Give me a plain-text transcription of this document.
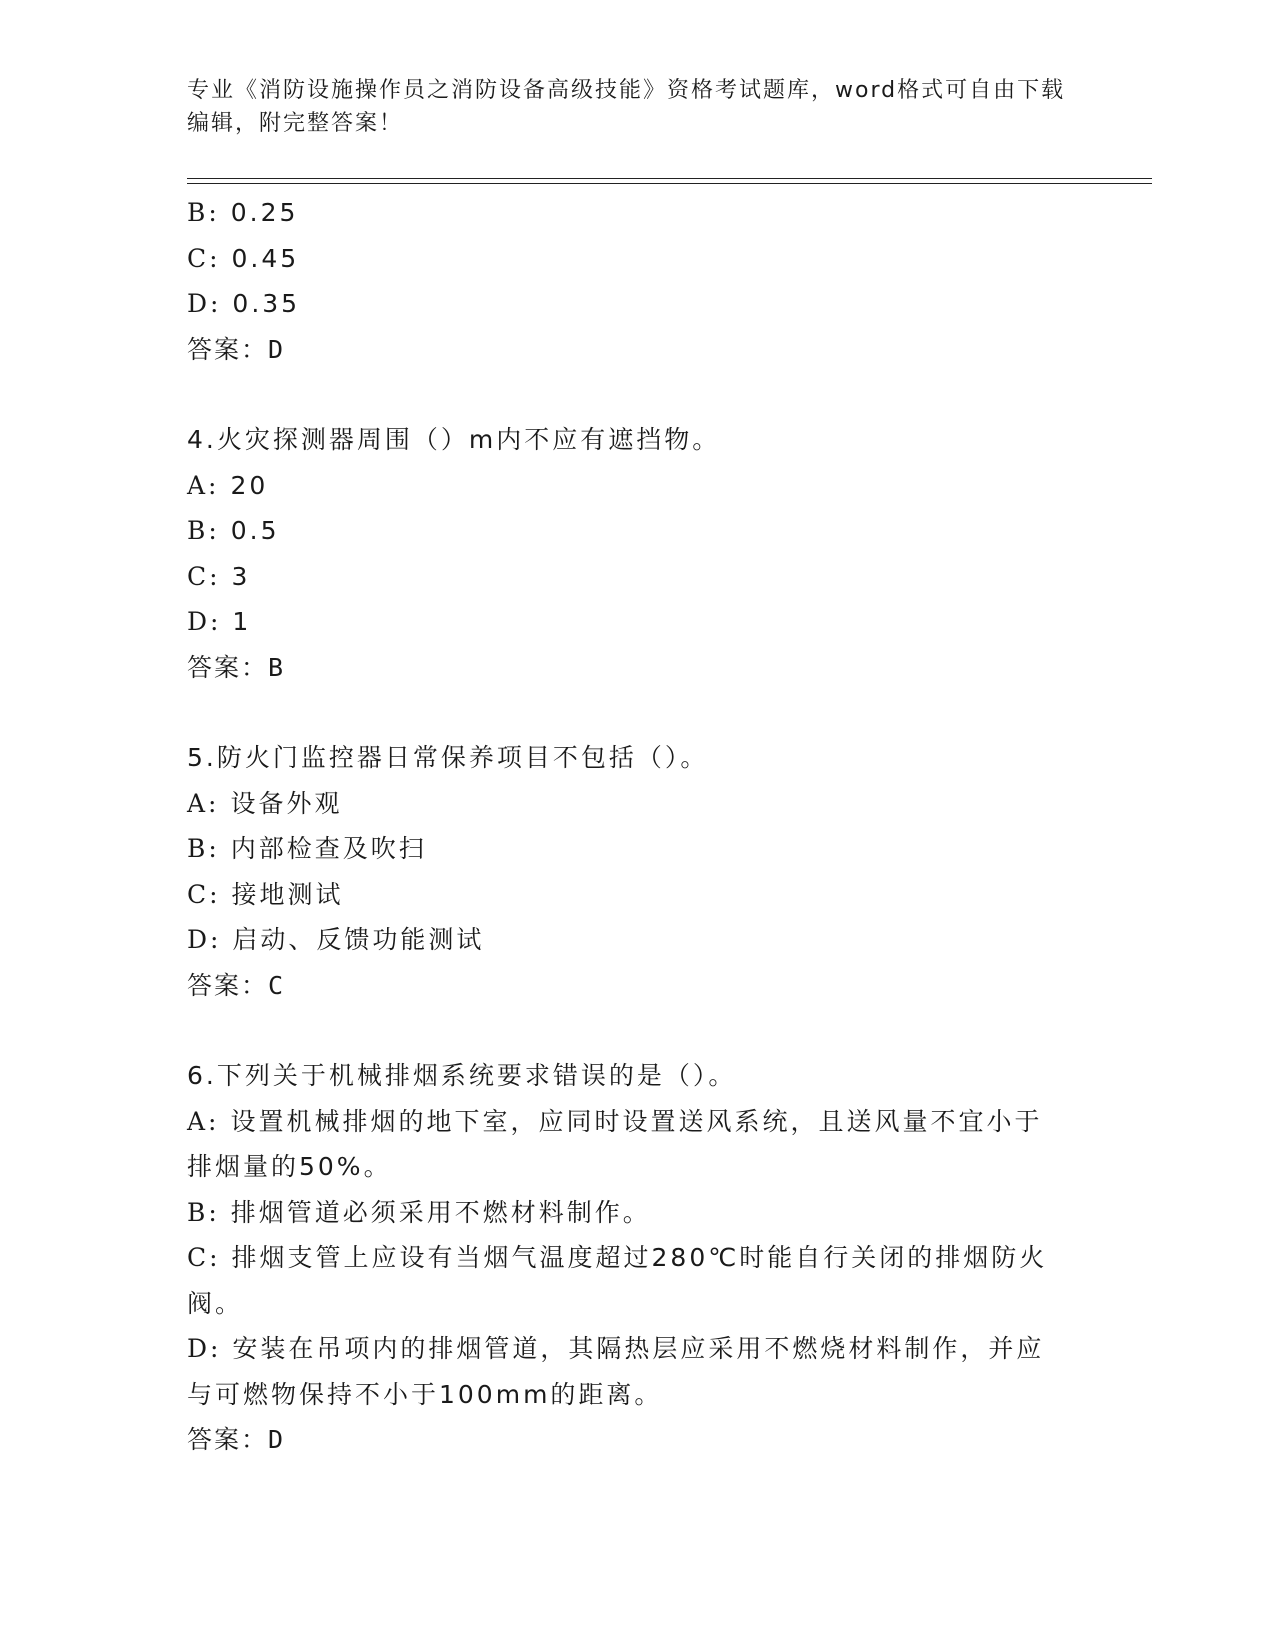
专业《消防设施操作员之消防设备高级技能》资格考试题库，word格式可自由下载编辑，附完整答案！
B: 0.25
C: 0.45
D: 0.35
答案：D
4.火灾探测器周围（）m内不应有遮挡物。
A: 20
B: 0.5
C: 3
D: 1
答案：B
5.防火门监控器日常保养项目不包括（）。
A: 设备外观
B: 内部检查及吹扫
C: 接地测试
D: 启动、反馈功能测试
答案：C
6.下列关于机械排烟系统要求错误的是（）。
A: 设置机械排烟的地下室，应同时设置送风系统，且送风量不宜小于排烟量的50%。
B: 排烟管道必须采用不燃材料制作。
C: 排烟支管上应设有当烟气温度超过280℃时能自行关闭的排烟防火阀。
D: 安装在吊项内的排烟管道，其隔热层应采用不燃烧材料制作，并应与可燃物保持不小于100mm的距离。
答案：D
